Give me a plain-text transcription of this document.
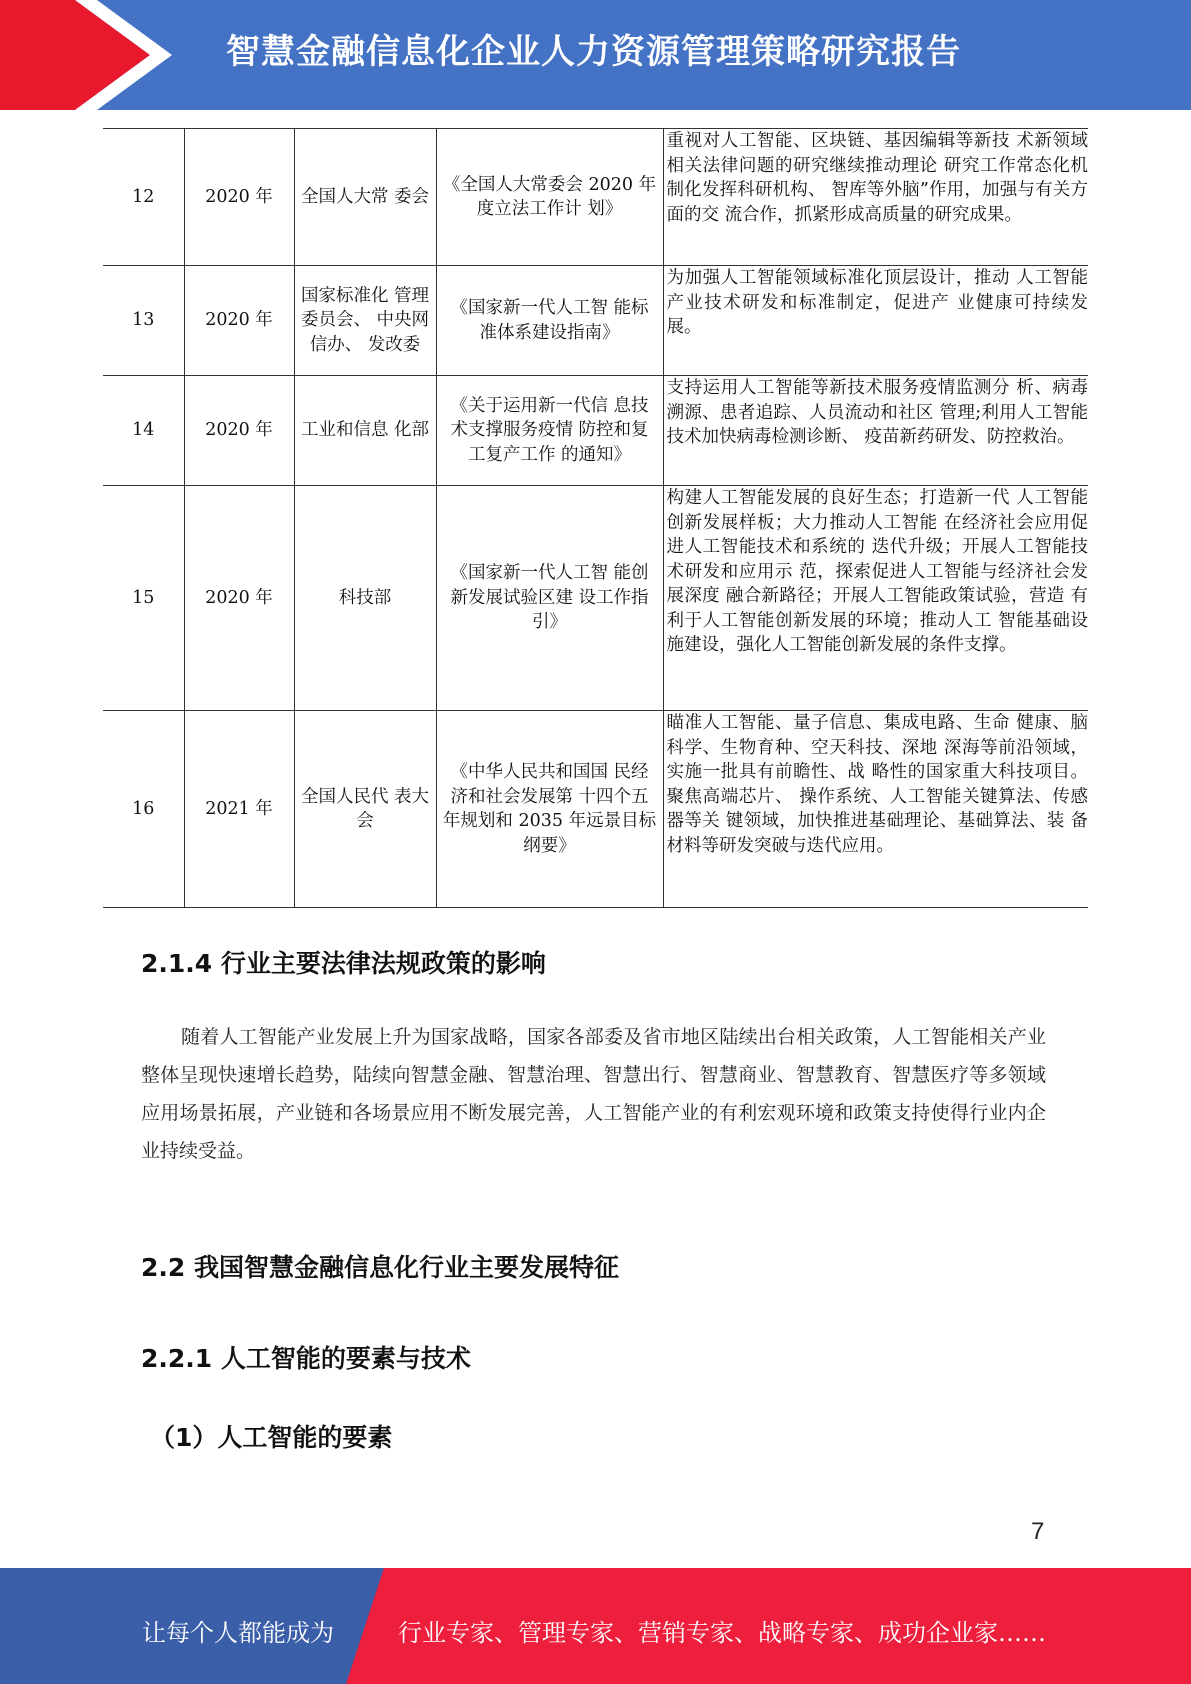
智慧金融信息化企业人力资源管理策略研究报告
12	2020 年	全国人大常 委会	《全国人大常委会 2020 年度立法工作计 划》	重视对人工智能、区块链、基因编辑等新技 术新领域相关法律问题的研究继续推动理论 研究工作常态化机制化发挥科研机构、 智库等外脑”作用，加强与有关方面的交 流合作，抓紧形成高质量的研究成果。
13	2020 年	国家标准化 管理委员会、 中央网信办、 发改委	《国家新一代人工智 能标准体系建设指南》	为加强人工智能领域标准化顶层设计，推动 人工智能产业技术研发和标准制定，促进产 业健康可持续发展。
14	2020 年	工业和信息 化部	《关于运用新一代信 息技术支撑服务疫情 防控和复工复产工作 的通知》	支持运用人工智能等新技术服务疫情监测分 析、病毒溯源、患者追踪、人员流动和社区 管理;利用人工智能技术加快病毒检测诊断、 疫苗新药研发、防控救治。
15	2020 年	科技部	《国家新一代人工智 能创新发展试验区建 设工作指引》	构建人工智能发展的良好生态；打造新一代 人工智能创新发展样板；大力推动人工智能 在经济社会应用促进人工智能技术和系统的 迭代升级；开展人工智能技术研发和应用示 范，探索促进人工智能与经济社会发展深度 融合新路径；开展人工智能政策试验，营造 有利于人工智能创新发展的环境；推动人工 智能基础设施建设，强化人工智能创新发展的条件支撑。
16	2021 年	全国人民代 表大会	《中华人民共和国国 民经济和社会发展第 十四个五年规划和 2035 年远景目标纲要》	瞄准人工智能、量子信息、集成电路、生命 健康、脑科学、生物育种、空天科技、深地 深海等前沿领域，实施一批具有前瞻性、战 略性的国家重大科技项目。聚焦高端芯片、 操作系统、人工智能关键算法、传感器等关 键领域，加快推进基础理论、基础算法、装 备材料等研发突破与迭代应用。
2.1.4 行业主要法律法规政策的影响

随着人工智能产业发展上升为国家战略，国家各部委及省市地区陆续出台相关政策，人工智能相关产业整体呈现快速增长趋势，陆续向智慧金融、智慧治理、智慧出行、智慧商业、智慧教育、智慧医疗等多领域应用场景拓展，产业链和各场景应用不断发展完善，人工智能产业的有利宏观环境和政策支持使得行业内企业持续受益。

2.2 我国智慧金融信息化行业主要发展特征
2.2.1 人工智能的要素与技术
（1）人工智能的要素
7
让每个人都能成为	行业专家、管理专家、营销专家、战略专家、成功企业家……
